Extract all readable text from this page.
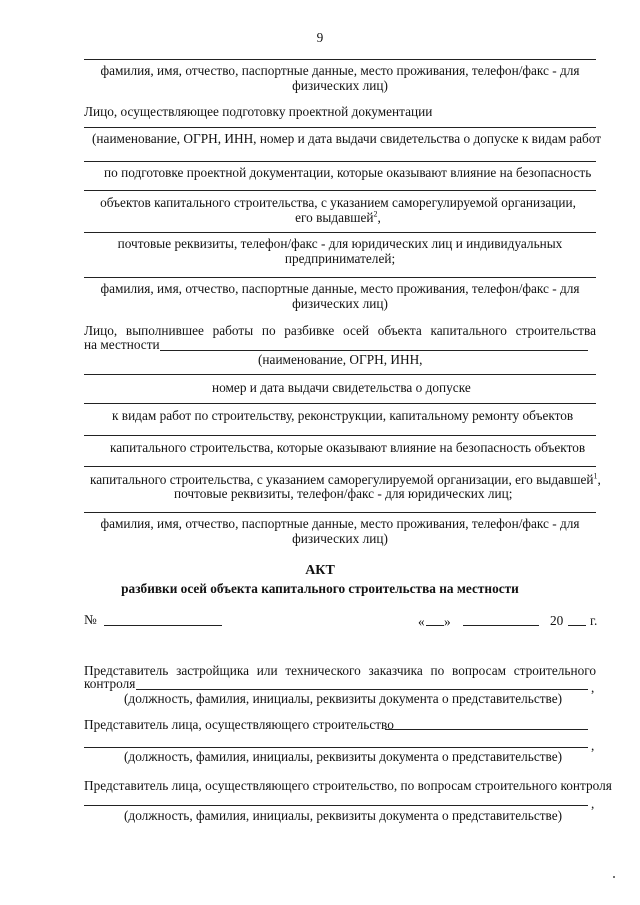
9
фамилия, имя, отчество, паспортные данные, место проживания, телефон/факс - для физических лиц)
Лицо, осуществляющее подготовку проектной документации
(наименование, ОГРН, ИНН, номер и дата выдачи свидетельства о допуске к видам работ
по подготовке проектной документации, которые оказывают влияние на безопасность
объектов капитального строительства, с указанием саморегулируемой организации, его выдавшей$^2$,
почтовые реквизиты, телефон/факс - для юридических лиц и индивидуальных предпринимателей;
фамилия, имя, отчество, паспортные данные, место проживания, телефон/факс - для физических лиц)
Лицо, выполнившее работы по разбивке осей объекта капитального строительства
на местности
(наименование, ОГРН, ИНН,
номер и дата выдачи свидетельства о допуске
к видам работ по строительству, реконструкции, капитальному ремонту объектов
капитального строительства, которые оказывают влияние на безопасность объектов
капитального строительства, с указанием саморегулируемой организации, его выдавшей$^1$,
почтовые реквизиты, телефон/факс - для юридических лиц;
фамилия, имя, отчество, паспортные данные, место проживания, телефон/факс - для физических лиц)
АКТ
разбивки осей объекта капитального строительства на местности
№	« »	20 г.
Представитель застройщика или технического заказчика по вопросам строительного
контроля	,
(должность, фамилия, инициалы, реквизиты документа о представительстве)
Представитель лица, осуществляющего строительство
,
(должность, фамилия, инициалы, реквизиты документа о представительстве)
Представитель лица, осуществляющего строительство, по вопросам строительного контроля
,
(должность, фамилия, инициалы, реквизиты документа о представительстве)
